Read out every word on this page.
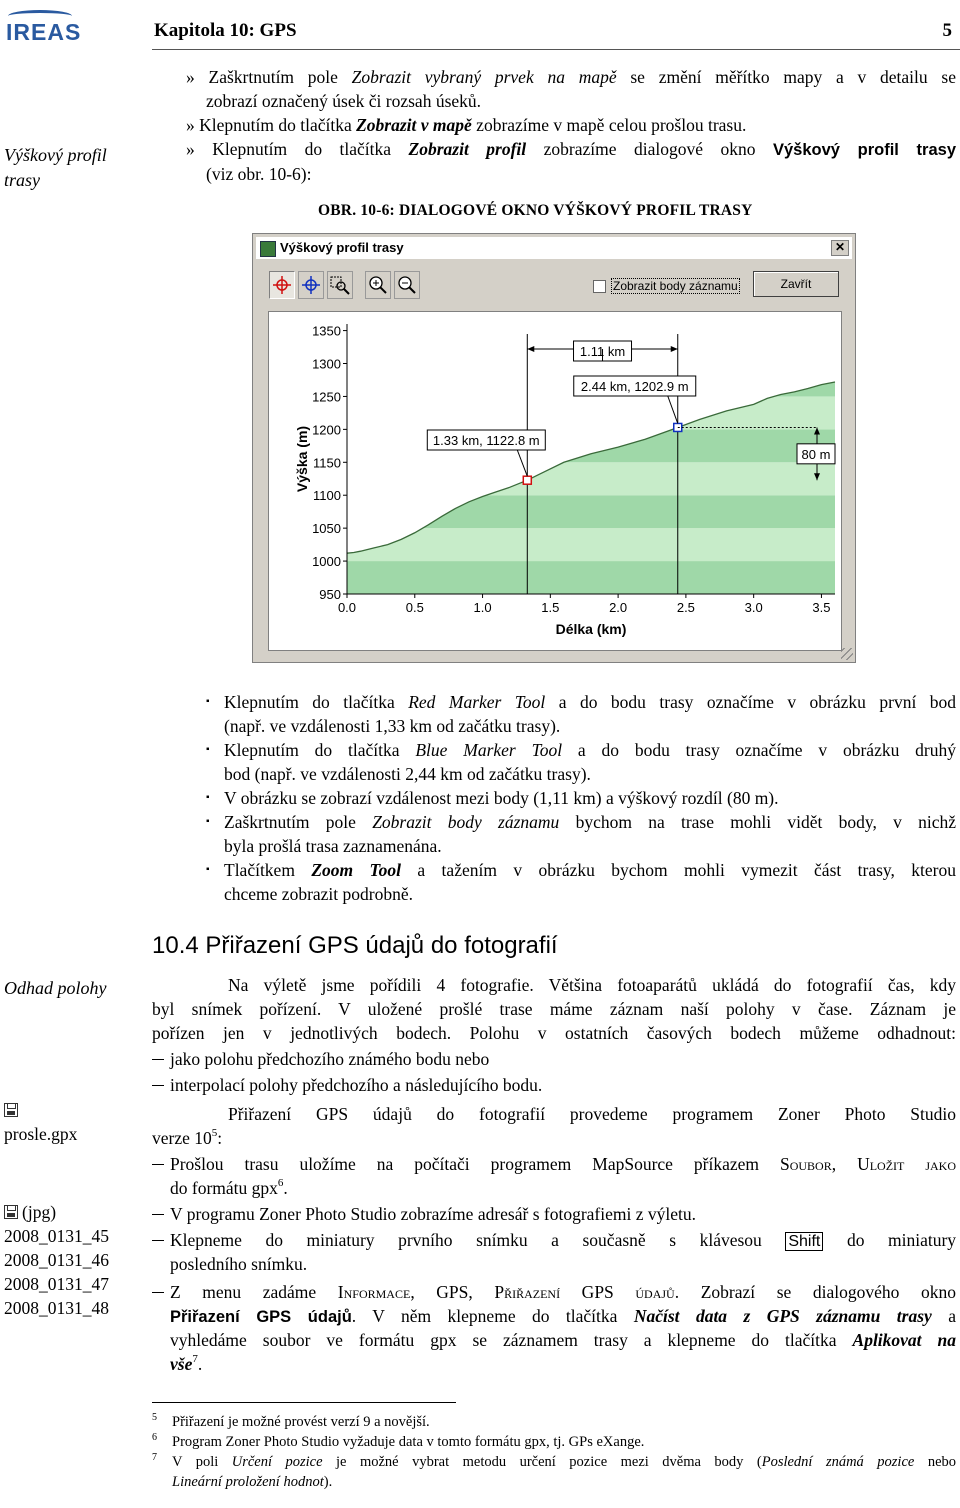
IREAS	Kapitola 10: GPS	5
Výškový profil
trasy
Odhad polohy
prosle.gpx
(jpg)
2008_0131_45
2008_0131_46
2008_0131_47
2008_0131_48
» Zaškrtnutím pole Zobrazit vybraný prvek na mapě se změní měřítko mapy a v detailu se
zobrazí označený úsek či rozsah úseků.
» Klepnutím do tlačítka Zobrazit v mapě zobrazíme v mapě celou prošlou trasu.
» Klepnutím do tlačítka Zobrazit profil zobrazíme dialogové okno Výškový profil trasy
(viz obr. 10-6):
OBR. 10-6: DIALOGOVÉ OKNO VÝŠKOVÝ PROFIL TRASY
Výškový profil trasy	✕
Zobrazit body záznamu	Zavřít
950
1000
1050
1100
1150
1200
1250
1300
1350
0.0	0.5	1.0	1.5	2.0	2.5	3.0	3.5
Délka (km)
Výška (m)
1.11 km
2.44 km, 1202.9 m
1.33 km, 1122.8 m
80 m
▪ Klepnutím do tlačítka Red Marker Tool a do bodu trasy označíme v obrázku první bod
(např. ve vzdálenosti 1,33 km od začátku trasy).
▪ Klepnutím do tlačítka Blue Marker Tool a do bodu trasy označíme v obrázku druhý
bod (např. ve vzdálenosti 2,44 km od začátku trasy).
▪ V obrázku se zobrazí vzdálenost mezi body (1,11 km) a výškový rozdíl (80 m).
▪ Zaškrtnutím pole Zobrazit body záznamu bychom na trase mohli vidět body, v nichž
byla prošlá trasa zaznamenána.
▪ Tlačítkem Zoom Tool a tažením v obrázku bychom mohli vymezit část trasy, kterou
chceme zobrazit podrobně.
10.4 Přiřazení GPS údajů do fotografií
Na výletě jsme pořídili 4 fotografie. Většina fotoaparátů ukládá do fotografií čas, kdy
byl snímek pořízení. V uložené prošlé trase máme záznam naší polohy v čase. Záznam je
pořízen jen v jednotlivých bodech. Polohu v ostatních časových bodech můžeme odhadnout:
jako polohu předchozího známého bodu nebo
interpolací polohy předchozího a následujícího bodu.
Přiřazení GPS údajů do fotografií provedeme programem Zoner Photo Studio
verze $10^5$:
Prošlou trasu uložíme na počítači programem MapSource příkazem Soubor, Uložit jako
do formátu gpx$^6$.
V programu Zoner Photo Studio zobrazíme adresář s fotografiemi z výletu.
Klepneme do miniatury prvního snímku a současně s klávesou Shift do miniatury
posledního snímku.
Z menu zadáme Informace, GPS, Přiřazení GPS údajů. Zobrazí se dialogového okno
Přiřazení GPS údajů. V něm klepneme do tlačítka Načíst data z GPS záznamu trasy a
vyhledáme soubor ve formátu gpx se záznamem trasy a klepneme do tlačítka Aplikovat na
vše$^7$.
5 Přiřazení je možné provést verzí 9 a novější.
6 Program Zoner Photo Studio vyžaduje data v tomto formátu gpx, tj. GPs eXange.
7 V poli Určení pozice je možné vybrat metodu určení pozice mezi dvěma body (Poslední známá pozice nebo
Lineární proložení hodnot).
